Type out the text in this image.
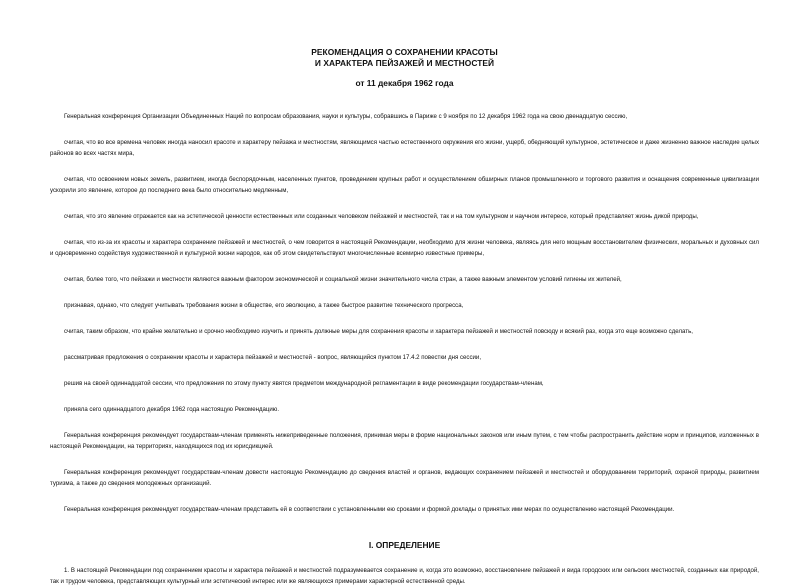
РЕКОМЕНДАЦИЯ О СОХРАНЕНИИ КРАСОТЫ

И ХАРАКТЕРА ПЕЙЗАЖЕЙ И МЕСТНОСТЕЙ

от 11 декабря 1962 года

Генеральная конференция Организации Объединенных Наций по вопросам образования, науки и культуры, собравшись в Париже с 9 ноября по 12 декабря 1962 года на свою двенадцатую сессию,

считая, что во все времена человек иногда наносил красоте и характеру пейзажа и местностям, являющимся частью естественного окружения его жизни, ущерб, обедняющий культурное, эстетическое и даже жизненно важное наследие целых районов во всех частях мира,

считая, что освоением новых земель, развитием, иногда беспорядочным, населенных пунктов, проведением крупных работ и осуществлением обширных планов промышленного и торгового развития и оснащения современные цивилизации ускорили это явление, которое до последнего века было относительно медленным,

считая, что это явление отражается как на эстетической ценности естественных или созданных человеком пейзажей и местностей, так и на том культурном и научном интересе, который представляет жизнь дикой природы,

считая, что из-за их красоты и характера сохранение пейзажей и местностей, о чем говорится в настоящей Рекомендации, необходимо для жизни человека, являясь для него мощным восстановителем физических, моральных и духовных сил и одновременно содействуя художественной и культурной жизни народов, как об этом свидетельствуют многочисленные всемирно известные примеры,

считая, более того, что пейзажи и местности являются важным фактором экономической и социальной жизни значительного числа стран, а также важным элементом условий гигиены их жителей,

признавая, однако, что следует учитывать требования жизни в обществе, его эволюцию, а также быстрое развитие технического прогресса,

считая, таким образом, что крайне желательно и срочно необходимо изучить и принять должные меры для сохранения красоты и характера пейзажей и местностей повсюду и всякий раз, когда это еще возможно сделать,

рассматривая предложения о сохранении красоты и характера пейзажей и местностей - вопрос, являющийся пунктом 17.4.2 повестки дня сессии,

решив на своей одиннадцатой сессии, что предложения по этому пункту явятся предметом международной регламентации в виде рекомендации государствам-членам,

приняла сего одиннадцатого декабря 1962 года настоящую Рекомендацию.

Генеральная конференция рекомендует государствам-членам применять нижеприведенные положения, принимая меры в форме национальных законов или иным путем, с тем чтобы распространить действие норм и принципов, изложенных в настоящей Рекомендации, на территориях, находящихся под их юрисдикцией.

Генеральная конференция рекомендует государствам-членам довести настоящую Рекомендацию до сведения властей и органов, ведающих сохранением пейзажей и местностей и оборудованием территорий, охраной природы, развитием туризма, а также до сведения молодежных организаций.

Генеральная конференция рекомендует государствам-членам представить ей в соответствии с установленными ею сроками и формой доклады о принятых ими мерах по осуществлению настоящей Рекомендации.

I. ОПРЕДЕЛЕНИЕ

1. В настоящей Рекомендации под сохранением красоты и характера пейзажей и местностей подразумевается сохранение и, когда это возможно, восстановление пейзажей и вида городских или сельских местностей, созданных как природой, так и трудом человека, представляющих культурный или эстетический интерес или же являющихся примерами характерной естественной среды.
